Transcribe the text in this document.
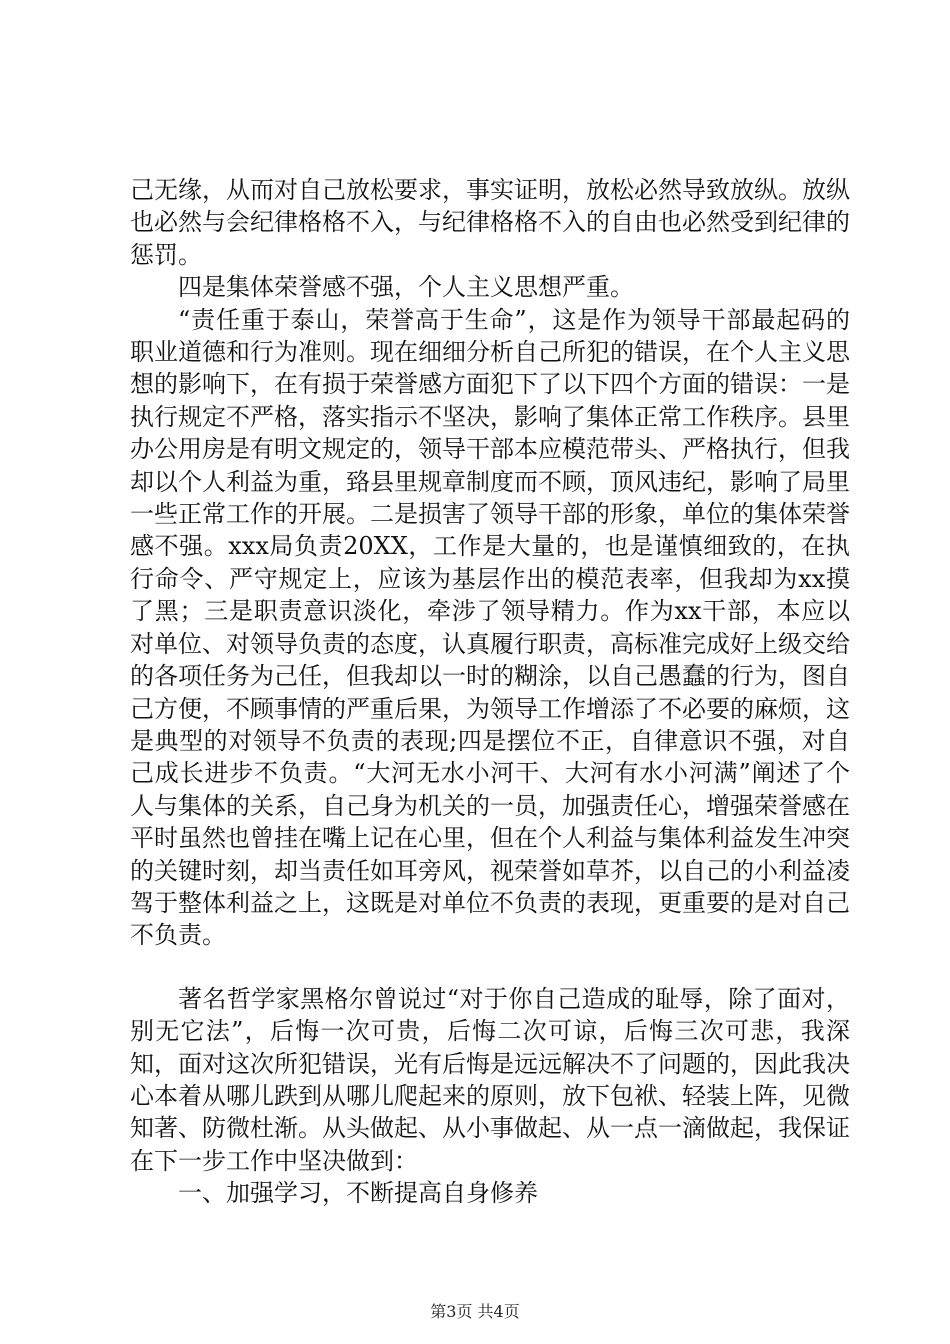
己无缘，从而对自己放松要求，事实证明，放松必然导致放纵。放纵也必然与会纪律格格不入，与纪律格格不入的自由也必然受到纪律的惩罚。

四是集体荣誉感不强，个人主义思想严重。

“责任重于泰山，荣誉高于生命”，这是作为领导干部最起码的职业道德和行为准则。现在细细分析自己所犯的错误，在个人主义思想的影响下，在有损于荣誉感方面犯下了以下四个方面的错误：一是执行规定不严格，落实指示不坚决，影响了集体正常工作秩序。县里办公用房是有明文规定的，领导干部本应模范带头、严格执行，但我却以个人利益为重，臵县里规章制度而不顾，顶风违纪，影响了局里一些正常工作的开展。二是损害了领导干部的形象，单位的集体荣誉感不强。xxx局负责20XX，工作是大量的，也是谨慎细致的，在执行命令、严守规定上，应该为基层作出的模范表率，但我却为xx摸了黑；三是职责意识淡化，牵涉了领导精力。作为xx干部，本应以对单位、对领导负责的态度，认真履行职责，高标准完成好上级交给的各项任务为己任，但我却以一时的糊涂，以自己愚蠢的行为，图自己方便，不顾事情的严重后果，为领导工作增添了不必要的麻烦，这是典型的对领导不负责的表现;四是摆位不正，自律意识不强，对自己成长进步不负责。“大河无水小河干、大河有水小河满”阐述了个人与集体的关系，自己身为机关的一员，加强责任心，增强荣誉感在平时虽然也曾挂在嘴上记在心里，但在个人利益与集体利益发生冲突的关键时刻，却当责任如耳旁风，视荣誉如草芥，以自己的小利益凌驾于整体利益之上，这既是对单位不负责的表现，更重要的是对自己不负责。

著名哲学家黑格尔曾说过“对于你自己造成的耻辱，除了面对，别无它法”，后悔一次可贵，后悔二次可谅，后悔三次可悲，我深知，面对这次所犯错误，光有后悔是远远解决不了问题的，因此我决心本着从哪儿跌到从哪儿爬起来的原则，放下包袱、轻装上阵，见微知著、防微杜渐。从头做起、从小事做起、从一点一滴做起，我保证在下一步工作中坚决做到：

一、加强学习，不断提高自身修养

第3页 共4页
